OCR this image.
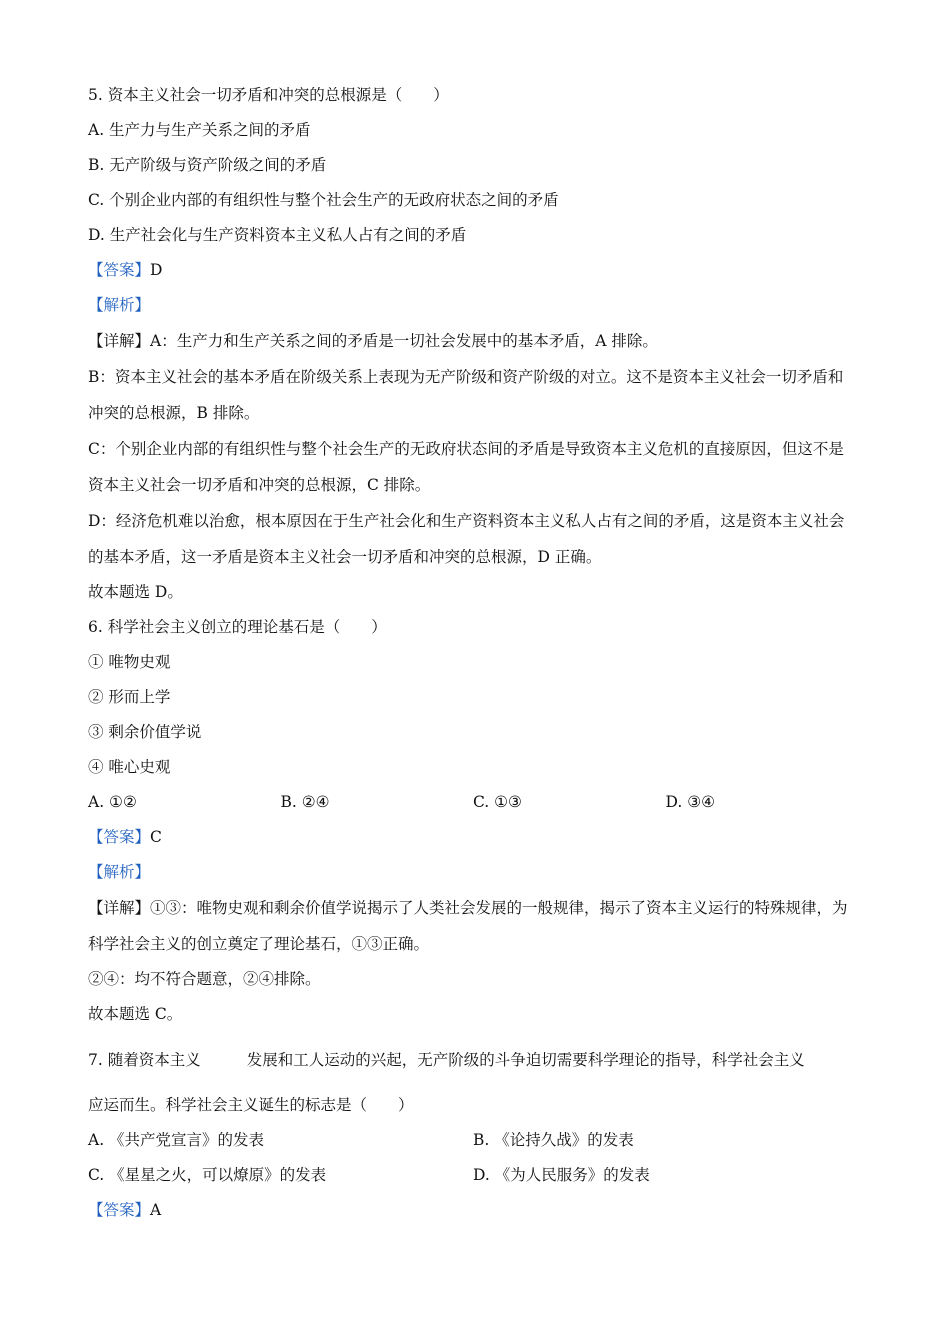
5. 资本主义社会一切矛盾和冲突的总根源是（　　）
A. 生产力与生产关系之间的矛盾
B. 无产阶级与资产阶级之间的矛盾
C. 个别企业内部的有组织性与整个社会生产的无政府状态之间的矛盾
D. 生产社会化与生产资料资本主义私人占有之间的矛盾
【答案】D
【解析】
【详解】A：生产力和生产关系之间的矛盾是一切社会发展中的基本矛盾，A 排除。
B：资本主义社会的基本矛盾在阶级关系上表现为无产阶级和资产阶级的对立。这不是资本主义社会一切矛盾和冲突的总根源，B 排除。
C：个别企业内部的有组织性与整个社会生产的无政府状态间的矛盾是导致资本主义危机的直接原因，但这不是资本主义社会一切矛盾和冲突的总根源，C 排除。
D：经济危机难以治愈，根本原因在于生产社会化和生产资料资本主义私人占有之间的矛盾，这是资本主义社会的基本矛盾，这一矛盾是资本主义社会一切矛盾和冲突的总根源，D 正确。
故本题选 D。
6. 科学社会主义创立的理论基石是（　　）
① 唯物史观
② 形而上学
③ 剩余价值学说
④ 唯心史观
A. ①②	B. ②④	C. ①③	D. ③④
【答案】C
【解析】
【详解】①③：唯物史观和剩余价值学说揭示了人类社会发展的一般规律，揭示了资本主义运行的特殊规律，为科学社会主义的创立奠定了理论基石，①③正确。
②④：均不符合题意，②④排除。
故本题选 C。
7. 随着资本主义	发展和工人运动的兴起，无产阶级的斗争迫切需要科学理论的指导，科学社会主义
应运而生。科学社会主义诞生的标志是（　　）
A. 《共产党宣言》的发表	B. 《论持久战》的发表
C. 《星星之火，可以燎原》的发表	D. 《为人民服务》的发表
【答案】A
